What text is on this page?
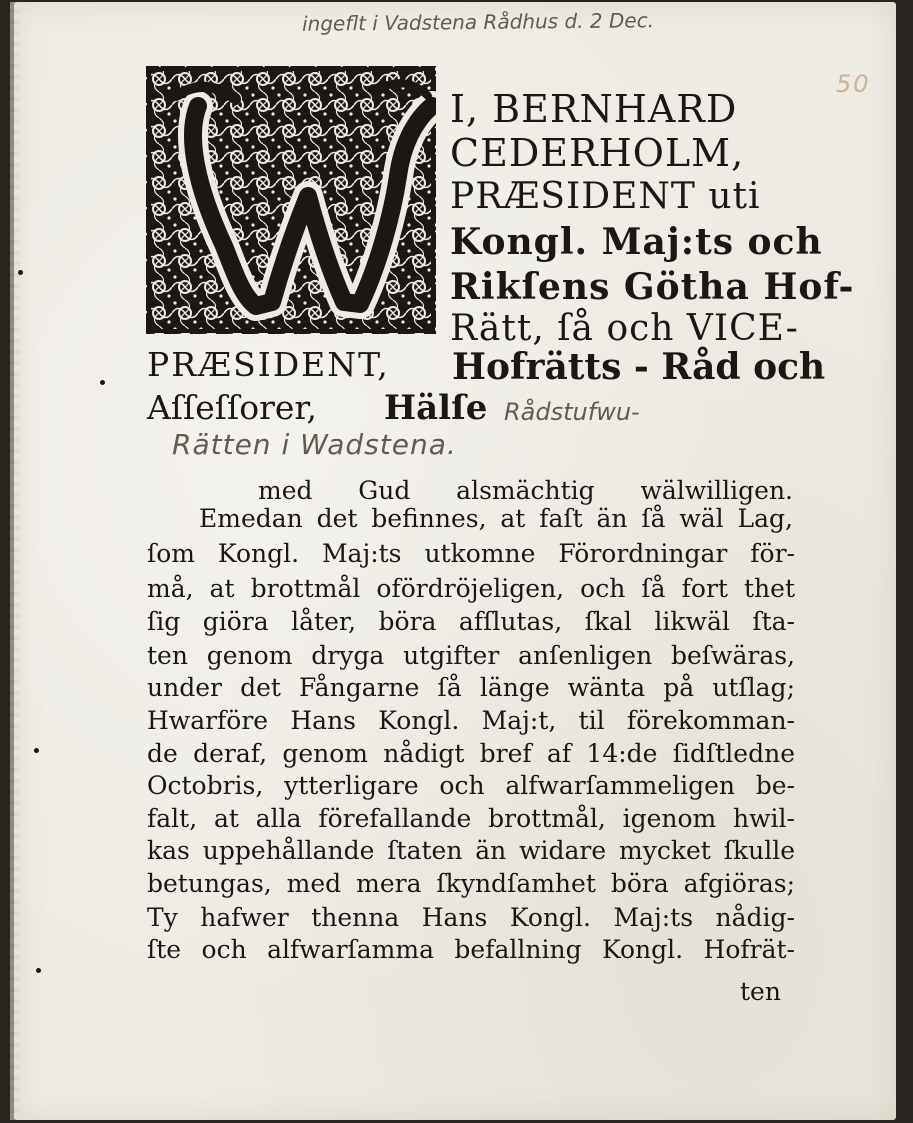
ingeflt i Vadstena Rådhus d. 2 Dec.
50
I, BERNHARD
CEDERHOLM,
PRÆSIDENT uti
Kongl. Maj:ts och
Rikſens Götha Hof-
Rätt, ſå och VICE-
PRÆSIDENT, Hofrätts - Råd och
Aſſeſſorer, Hälſe Rådstufwu-
Rätten i Wadstena.
med Gud alsmächtig wälwilligen.
Emedan det befinnes, at faſt än ſå wäl Lag,
ſom Kongl. Maj:ts utkomne Förordningar för-
må, at brottmål ofördröjeligen, och ſå fort thet
ſig giöra låter, böra afſlutas, ſkal likwäl ſta-
ten genom dryga utgifter anſenligen beſwäras,
under det Fångarne ſå länge wänta på utſlag;
Hwarföre Hans Kongl. Maj:t, til förekomman-
de deraf, genom nådigt bref af 14:de ſidſtledne
Octobris, ytterligare och alfwarſammeligen be-
falt, at alla förefallande brottmål, igenom hwil-
kas uppehållande ſtaten än widare mycket ſkulle
betungas, med mera ſkyndſamhet böra afgiöras;
Ty hafwer thenna Hans Kongl. Maj:ts nådig-
ſte och alfwarſamma befallning Kongl. Hofrät-
ten
